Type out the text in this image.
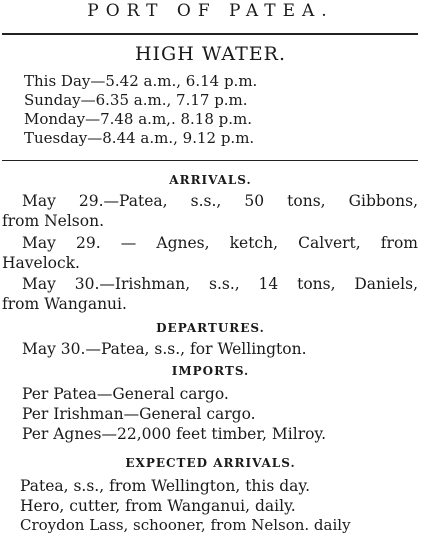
PORT OF PATEA.
HIGH WATER.
This Day—5.42 a.m., 6.14 p.m.
Sunday—6.35 a.m., 7.17 p.m.
Monday—7.48 a.m,. 8.18 p.m.
Tuesday—8.44 a.m., 9.12 p.m.
ARRIVALS.
May 29.—Patea, s.s., 50 tons, Gibbons,
from Nelson.
May 29. — Agnes, ketch, Calvert, from
Havelock.
May 30.—Irishman, s.s., 14 tons, Daniels,
from Wanganui.
DEPARTURES.
May 30.—Patea, s.s., for Wellington.
IMPORTS.
Per Patea—General cargo.
Per Irishman—General cargo.
Per Agnes—22,000 feet timber, Milroy.
EXPECTED ARRIVALS.
Patea, s.s., from Wellington, this day.
Hero, cutter, from Wanganui, daily.
Croydon Lass, schooner, from Nelson. daily
